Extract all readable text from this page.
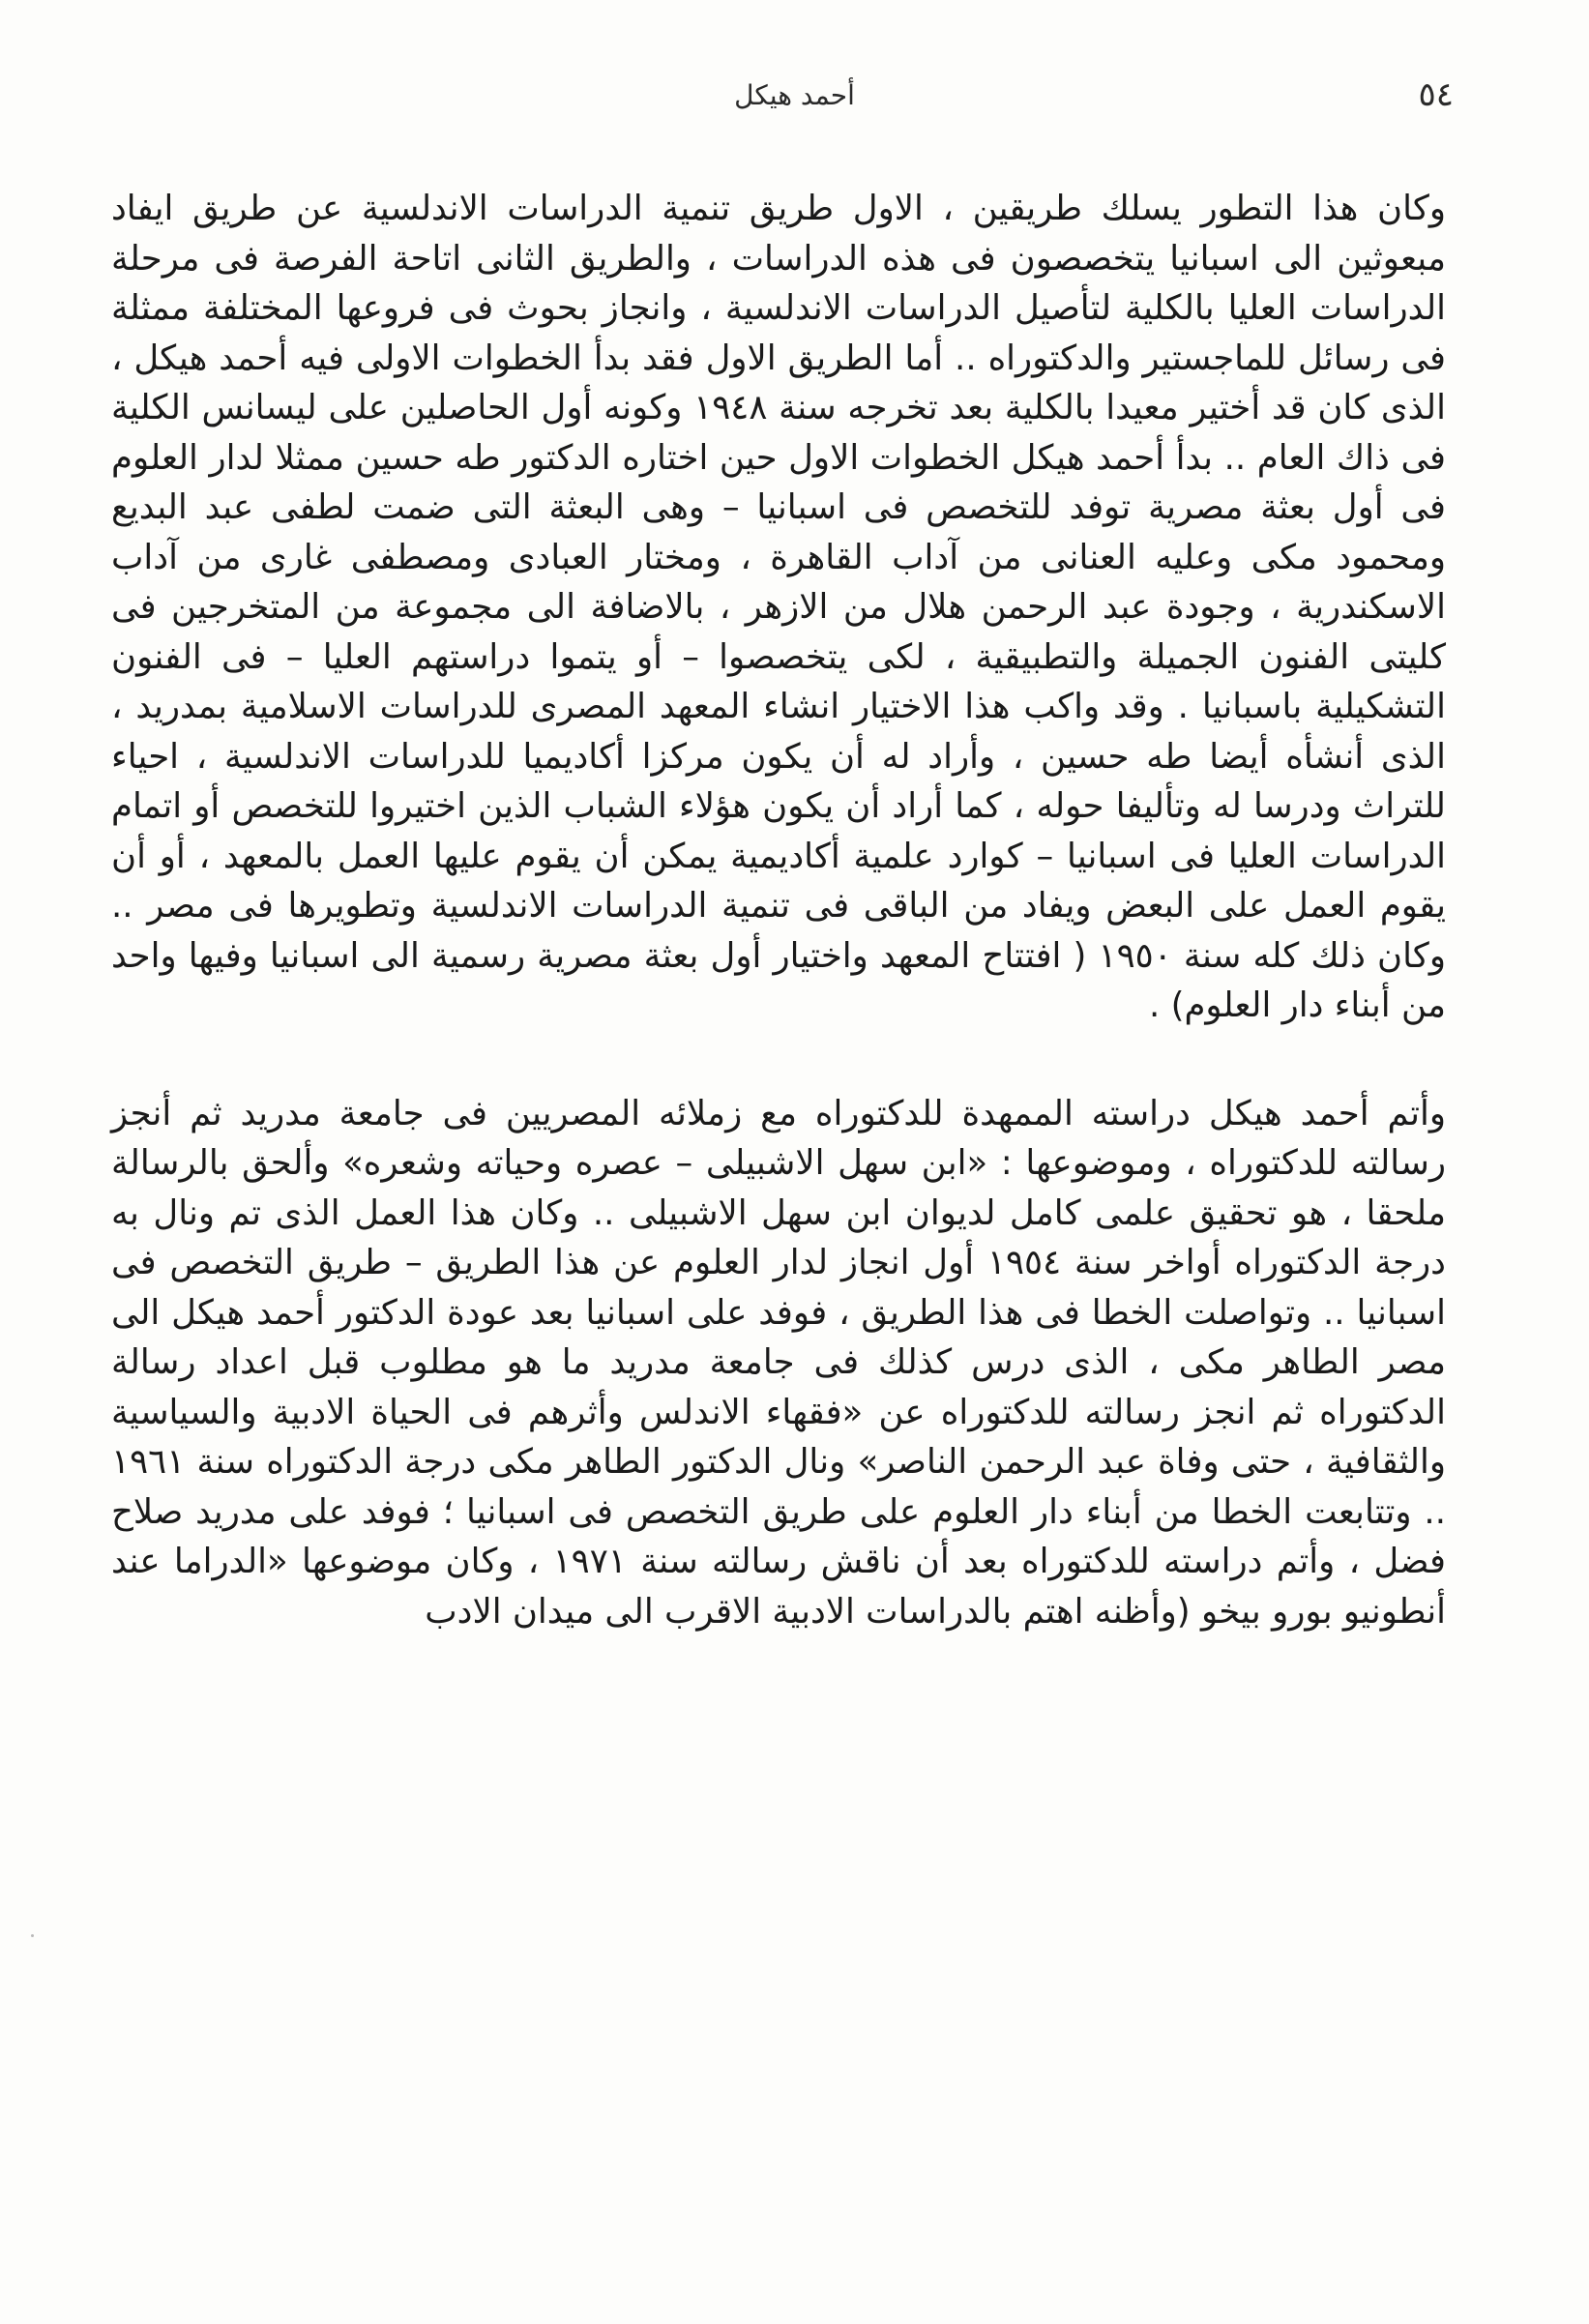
٥٤
أحمد هيكل

وكان هذا التطور يسلك طريقين ، الاول طريق تنمية الدراسات الاندلسية عن طريق ايفاد مبعوثين الى اسبانيا يتخصصون فى هذه الدراسات ، والطريق الثانى اتاحة الفرصة فى مرحلة الدراسات العليا بالكلية لتأصيل الدراسات الاندلسية ، وانجاز بحوث فى فروعها المختلفة ممثلة فى رسائل للماجستير والدكتوراه .. أما الطريق الاول فقد بدأ الخطوات الاولى فيه أحمد هيكل ، الذى كان قد أختير معيدا بالكلية بعد تخرجه سنة ١٩٤٨ وكونه أول الحاصلين على ليسانس الكلية فى ذاك العام .. بدأ أحمد هيكل الخطوات الاول حين اختاره الدكتور طه حسين ممثلا لدار العلوم فى أول بعثة مصرية توفد للتخصص فى اسبانيا – وهى البعثة التى ضمت لطفى عبد البديع ومحمود مكى وعليه العنانى من آداب القاهرة ، ومختار العبادى ومصطفى غارى من آداب الاسكندرية ، وجودة عبد الرحمن هلال من الازهر ، بالاضافة الى مجموعة من المتخرجين فى كليتى الفنون الجميلة والتطبيقية ، لكى يتخصصوا – أو يتموا دراستهم العليا – فى الفنون التشكيلية باسبانيا . وقد واكب هذا الاختيار انشاء المعهد المصرى للدراسات الاسلامية بمدريد ، الذى أنشأه أيضا طه حسين ، وأراد له أن يكون مركزا أكاديميا للدراسات الاندلسية ، احياء للتراث ودرسا له وتأليفا حوله ، كما أراد أن يكون هؤلاء الشباب الذين اختيروا للتخصص أو اتمام الدراسات العليا فى اسبانيا – كوارد علمية أكاديمية يمكن أن يقوم عليها العمل بالمعهد ، أو أن يقوم العمل على البعض ويفاد من الباقى فى تنمية الدراسات الاندلسية وتطويرها فى مصر .. وكان ذلك كله سنة ١٩٥٠ ( افتتاح المعهد واختيار أول بعثة مصرية رسمية الى اسبانيا وفيها واحد من أبناء دار العلوم) .

وأتم أحمد هيكل دراسته الممهدة للدكتوراه مع زملائه المصريين فى جامعة مدريد ثم أنجز رسالته للدكتوراه ، وموضوعها : «ابن سهل الاشبيلى – عصره وحياته وشعره» وألحق بالرسالة ملحقا ، هو تحقيق علمى كامل لديوان ابن سهل الاشبيلى .. وكان هذا العمل الذى تم ونال به درجة الدكتوراه أواخر سنة ١٩٥٤ أول انجاز لدار العلوم عن هذا الطريق – طريق التخصص فى اسبانيا .. وتواصلت الخطا فى هذا الطريق ، فوفد على اسبانيا بعد عودة الدكتور أحمد هيكل الى مصر الطاهر مكى ، الذى درس كذلك فى جامعة مدريد ما هو مطلوب قبل اعداد رسالة الدكتوراه ثم انجز رسالته للدكتوراه عن «فقهاء الاندلس وأثرهم فى الحياة الادبية والسياسية والثقافية ، حتى وفاة عبد الرحمن الناصر» ونال الدكتور الطاهر مكى درجة الدكتوراه سنة ١٩٦١ .. وتتابعت الخطا من أبناء دار العلوم على طريق التخصص فى اسبانيا ؛ فوفد على مدريد صلاح فضل ، وأتم دراسته للدكتوراه بعد أن ناقش رسالته سنة ١٩٧١ ، وكان موضوعها «الدراما عند أنطونيو بورو بيخو (وأظنه اهتم بالدراسات الادبية الاقرب الى ميدان الادب
